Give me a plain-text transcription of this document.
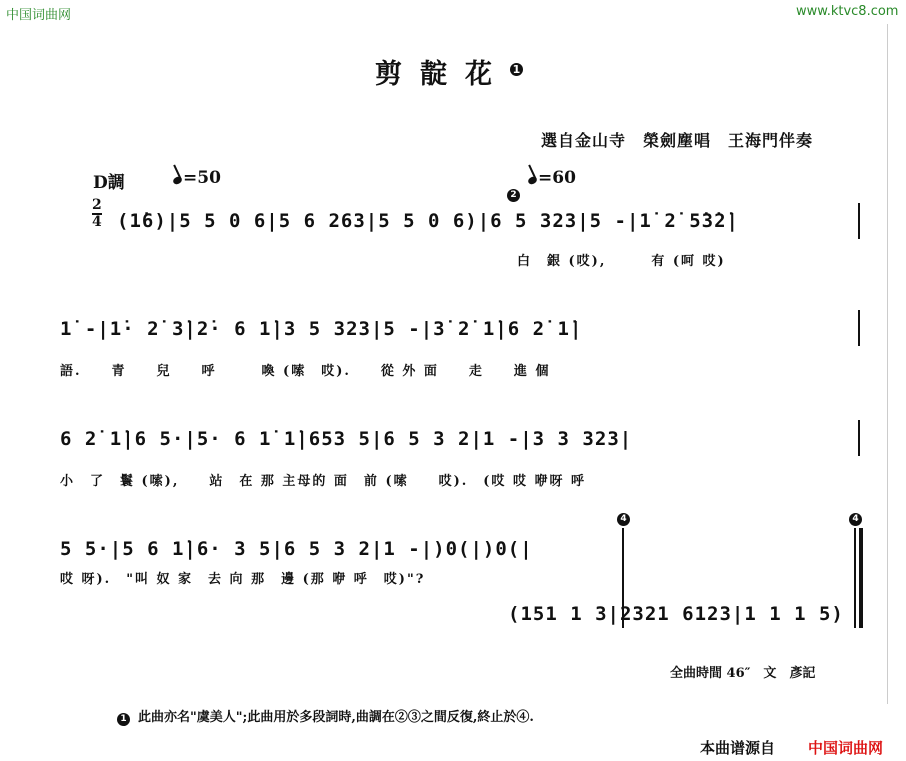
中国词曲网	www.ktvc8.com
剪靛花 $^1$
選自金山寺　榮劍塵唱　王海門伴奏
D調	=50
2=60
2
4 (1̇6)|5 5 0 6|5 6 263|5 5 0 6)|6 5 323|5 -|1̇ 2̇ 5̇3̇2̇|
白　銀 (哎),　　　有 (呵 哎)
1̇ -|1̇· 2̇ 3̇|2̇· 6 1̇|3 5 323|5 -|3̇ 2̇ 1̇|6 2̇ 1̇|
語.　　青　　兒　　呼　　　喚 (嗦　哎).　　從 外 面　　走　　進 個
6 2̇ 1̇|6 5·|5· 6 1̇ 1̇|653 5|6 5 3 2|1 -|3 3 323|
小　了　鬟 (嗦),　　站　在 那 主母的 面　前 (嗦　　哎).　(哎 哎 咿呀 呼
5 5·|5 6 1̇|6· 3 5|6 5 3 2|1 -|)0(|)0(|
哎 呀).　"叫 奴 家　去 向 那　邊 (那 咿 呼　哎)"?
4	4
(151 1 3|2321 6123|1 1 1 5)
全曲時間 46″　文　彥記
1 此曲亦名"虞美人";此曲用於多段詞時,曲調在②③之間反復,終止於④.
本曲谱源自 中国词曲网
